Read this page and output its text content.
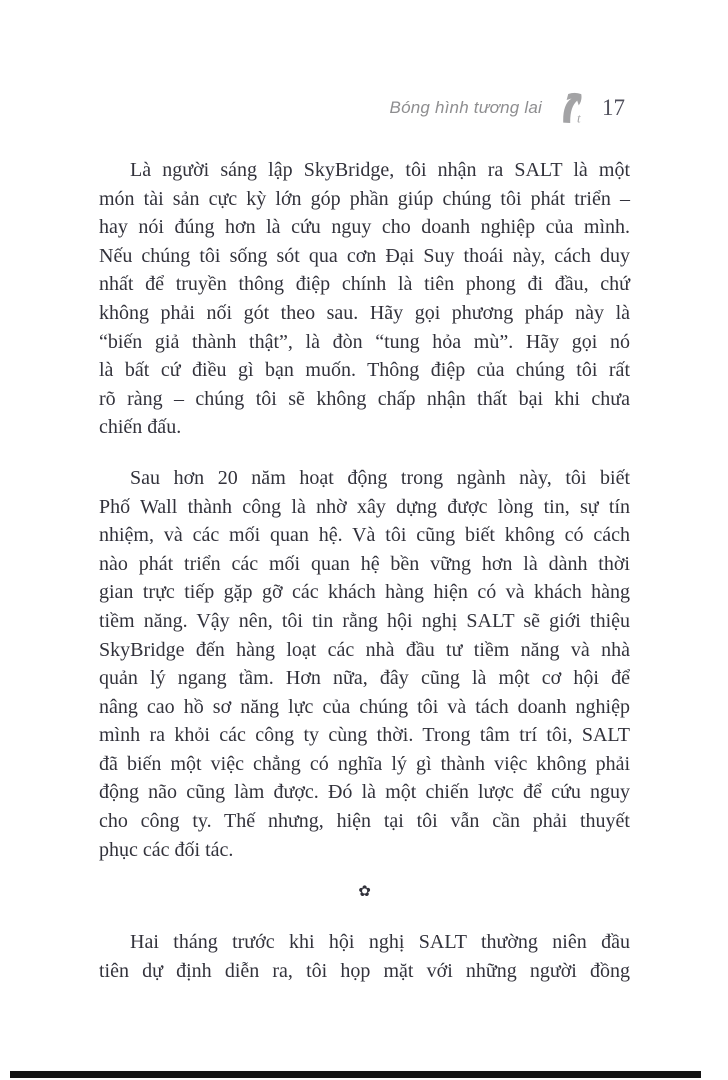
Bóng hình tương lai
t 17
Là người sáng lập SkyBridge, tôi nhận ra SALT là một
món tài sản cực kỳ lớn góp phần giúp chúng tôi phát triển –
hay nói đúng hơn là cứu nguy cho doanh nghiệp của mình.
Nếu chúng tôi sống sót qua cơn Đại Suy thoái này, cách duy
nhất để truyền thông điệp chính là tiên phong đi đầu, chứ
không phải nối gót theo sau. Hãy gọi phương pháp này là
“biến giả thành thật”, là đòn “tung hỏa mù”. Hãy gọi nó
là bất cứ điều gì bạn muốn. Thông điệp của chúng tôi rất
rõ ràng – chúng tôi sẽ không chấp nhận thất bại khi chưa
chiến đấu.
Sau hơn 20 năm hoạt động trong ngành này, tôi biết
Phố Wall thành công là nhờ xây dựng được lòng tin, sự tín
nhiệm, và các mối quan hệ. Và tôi cũng biết không có cách
nào phát triển các mối quan hệ bền vững hơn là dành thời
gian trực tiếp gặp gỡ các khách hàng hiện có và khách hàng
tiềm năng. Vậy nên, tôi tin rằng hội nghị SALT sẽ giới thiệu
SkyBridge đến hàng loạt các nhà đầu tư tiềm năng và nhà
quản lý ngang tầm. Hơn nữa, đây cũng là một cơ hội để
nâng cao hồ sơ năng lực của chúng tôi và tách doanh nghiệp
mình ra khỏi các công ty cùng thời. Trong tâm trí tôi, SALT
đã biến một việc chẳng có nghĩa lý gì thành việc không phải
động não cũng làm được. Đó là một chiến lược để cứu nguy
cho công ty. Thế nhưng, hiện tại tôi vẫn cần phải thuyết
phục các đối tác.
✿
Hai tháng trước khi hội nghị SALT thường niên đầu
tiên dự định diễn ra, tôi họp mặt với những người đồng
